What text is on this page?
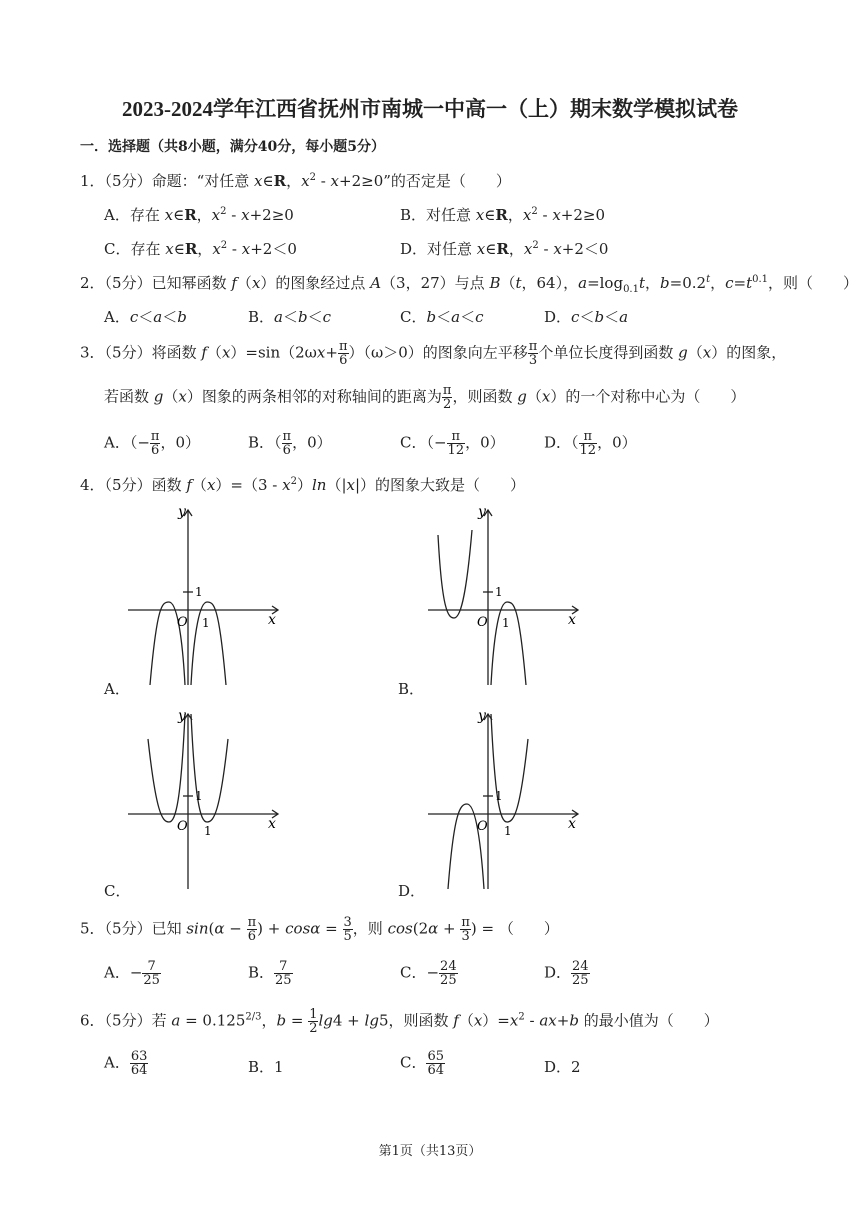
2023-2024学年江西省抚州市南城一中高一（上）期末数学模拟试卷
一．选择题（共8小题，满分40分，每小题5分）
1．（5分）命题：“对任意 x∈R，$x^2 - x+2\ge 0$”的否定是（　　）
A．存在 x∈R，$x^2 - x+2\ge 0$	B．对任意 x∈R，$x^2 - x+2\ge 0$
C．存在 x∈R，$x^2 - x+2<0$	D．对任意 x∈R，$x^2 - x+2<0$
2．（5分）已知幂函数 f（x）的图象经过点 A（3，27）与点 B（t，64），$a=\log_{0.1}t$，$b=0.2^t$，$c=t^{0.1}$，则（　　）
A．c＜a＜b	B．a＜b＜c	C．b＜a＜c	D．c＜b＜a
3．（5分）将函数 $f(x)=\sin(2\omega x+ \frac{\pi}{6} )(\omega>0)$的图象向左平移 $\frac{\pi}{3}$ 个单位长度得到函数 g（x）的图象，
若函数 g（x）图象的两条相邻的对称轴间的距离为 $\frac{\pi}{2}$ ，则函数 g（x）的一个对称中心为（　　）
A．（− $\frac{\pi}{6}$ ，0）	B．（ $\frac{\pi}{6}$ ，0）	C．（− $\frac{\pi}{12}$ ，0）	D．（ $\frac{\pi}{12}$ ，0）
4．（5分）函数 $f(x)=(3 - x^2)\ln(|x|)$的图象大致是（　　）
y
x
O
1
1
A．
y
x
O
1
1
B．
y
x
O
1
1
C．
y
x
O
1
1
D．
5．（5分）已知 $\sin(\alpha - \frac{\pi}{6}$ ) + $\cos\alpha = \frac{3}{5}$ ，则 $\cos(2\alpha + \frac{\pi}{3}$ ) = （　　）
A．− $\frac{7}{25}$	B． $\frac{7}{25}$	C．− $\frac{24}{25}$	D． $\frac{24}{25}$
6．（5分）若 $a = 0.125^{2/3}$，$b = \frac{1}{2} \lg 4 + \lg 5$，则函数 $f(x)=x^2 - ax+b$ 的最小值为（　　）
A． $\frac{63}{64}$	B．1	C． $\frac{65}{64}$	D．2
第1页（共13页）
